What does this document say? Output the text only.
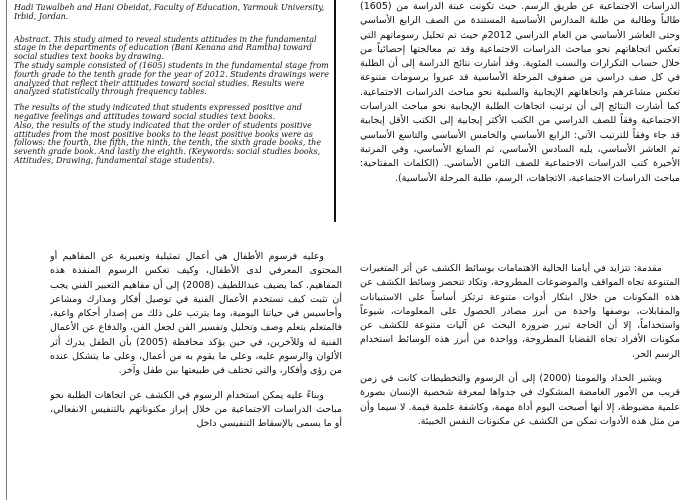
Hadi Tawalbeh and Hani Obeidat, Faculty of Education, Yarmouk University, Irbid, Jordan.

Abstract. This study aimed to reveal students attitudes in the fundamental stage in the departments of education (Bani Kenana and Ramtha) toward social studies text books by drawing.

The study sample consisted of (1605) students in the fundamental stage from fourth grade to the tenth grade for the year of 2012. Students drawings were analyzed that reflect their attitudes toward social studies. Results were analyzed statistically through frequency tables.

The results of the study indicated that students expressed positive and negative feelings and attitudes toward social studies text books.

Also, the results of the study indicated that the order of students positive attitudes from the most positive books to the least positive books were as follows: the fourth, the fifth, the ninth, the tenth, the sixth grade books, the seventh grade book. And lastly the eighth. (Keywords: social studies books, Attitudes, Drawing, fundamental stage students).

الدراسات الاجتماعية عن طريق الرسم. حيث تكونت عينة الدراسة من (1605) طالباً وطالبة من طلبة المدارس الأساسية المستندة من الصف الرابع الأساسي وحتى العاشر الأساسي من العام الدراسي 2012م حيث تم تحليل رسوماتهم التي تعكس اتجاهاتهم نحو مباحث الدراسات الاجتماعية وقد تم معالجتها إحصائياً من خلال حساب التكرارات والنسب المئوية. وقد أشارت نتائج الدراسة إلى أن الطلبة في كل صف دراسي من صفوف المرحلة الأساسية قد عبروا برسومات متنوعة تعكس مشاعرهم واتجاهاتهم الإيجابية والسلبية نحو مباحث الدراسات الاجتماعية. كما أشارت النتائج إلى أن ترتيب اتجاهات الطلبة الإيجابية نحو مباحث الدراسات الاجتماعية وفقاً للصف الدراسي من الكتب الأكثر إيجابية إلى الكتب الأقل إيجابية قد جاء وفقاً للترتيب الآتي: الرابع الأساسي والخامس الأساسي والتاسع الأساسي ثم العاشر الأساسي، يليه السادس الأساسي، ثم السابع الأساسي، وفي المرتبة الأخيرة كتب الدراسات الاجتماعية للصف الثامن الأساسي. (الكلمات المفتاحية: مباحث الدراسات الاجتماعية، الاتجاهات، الرسم، طلبة المرحلة الأساسية).

مقدمة: تتزايد في أيامنا الحالية الاهتمامات بوسائط الكشف عن أثر المتغيرات المتنوعة تجاه المواقف والموضوعات المطروحة، وتكاد تنحصر وسائط الكشف عن هذه المكونات من خلال ابتكار أدوات متنوعة ترتكز أساساً على الاستبيانات والمقابلات، بوصفها واحدة من أبرز مصادر الحصول على المعلومات، شيوعاً واستخداماً، إلا أن الحاجة تبرز ضرورة البحث عن آليات متنوعة للكشف عن مكونات الأفراد تجاه القضايا المطروحة، وواحدة من أبرز هذه الوسائط استخدام الرسم الحر.

ويشير الحداد والمومنا (2000) إلى أن الرسوم والتخطيطات كانت في زمن قريب من الأمور الغامضة المشكوك في جدواها لمعرفة شخصية الإنسان بصورة علمية مضبوطة، إلا أنها أصبحت اليوم أداة مهمة، وكاشفة علمية قيمة. لا سيما وأن من مثل هذه الأدوات تمكن من الكشف عن مكنونات النفس الخبيئة.

وعليه فرسوم الأطفال هي أعمال تمثيلية وتعبيرية عن المفاهيم أو المحتوى المعرفي لدى الأطفال، وكيف تعكس الرسوم المنفذة هذه المفاهيم. كما يضيف عبداللطيف (2008) إلى أن مفاهيم التعبير الفني يجب أن تثبت كيف تستخدم الأعمال الفنية في توصيل أفكار ومدارك ومشاعر وأحاسيس في حياتنا اليومية، وما يترتب على ذلك من إصدار أحكام واعية، فالمتعلم يتعلم وصف وتحليل وتفسير الفن لجعل الفن، والدفاع عن الأعمال الفنية له وللآخرين، في حين يؤكد محافظة (2005) بأن الطفل يدرك أثر الألوان والرسوم عليه، وعلى ما يقوم به من أعمال، وعلى ما يتشكل عنده من رؤى وأفكار، والتي تختلف في طبيعتها بين طفل وآخر.

وبناءً عليه يمكن استخدام الرسوم في الكشف عن اتجاهات الطلبة نحو مباحث الدراسات الاجتماعية من خلال إبراز مكنوناتهم بالتنفيس الانفعالي، أو ما يسمى بالإسقاط التنفيسي داخل
